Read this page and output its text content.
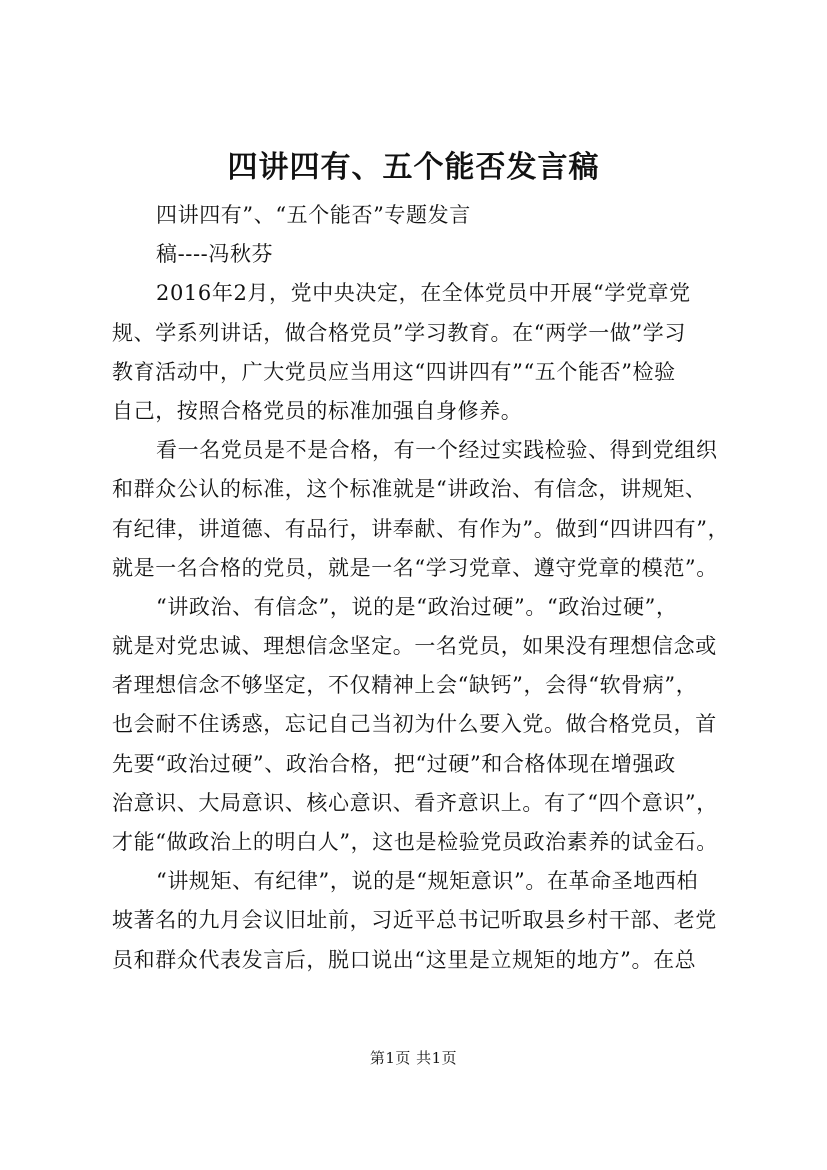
四讲四有、五个能否发言稿
四讲四有”、“五个能否”专题发言
稿----冯秋芬
2016年2月，党中央决定，在全体党员中开展“学党章党
规、学系列讲话，做合格党员”学习教育。在“两学一做”学习
教育活动中，广大党员应当用这“四讲四有”“五个能否”检验
自己，按照合格党员的标准加强自身修养。
看一名党员是不是合格，有一个经过实践检验、得到党组织
和群众公认的标准，这个标准就是“讲政治、有信念，讲规矩、
有纪律，讲道德、有品行，讲奉献、有作为”。做到“四讲四有”，
就是一名合格的党员，就是一名“学习党章、遵守党章的模范”。
“讲政治、有信念”，说的是“政治过硬”。“政治过硬”，
就是对党忠诚、理想信念坚定。一名党员，如果没有理想信念或
者理想信念不够坚定，不仅精神上会“缺钙”，会得“软骨病”，
也会耐不住诱惑，忘记自己当初为什么要入党。做合格党员，首
先要“政治过硬”、政治合格，把“过硬”和合格体现在增强政
治意识、大局意识、核心意识、看齐意识上。有了“四个意识”，
才能“做政治上的明白人”，这也是检验党员政治素养的试金石。
“讲规矩、有纪律”，说的是“规矩意识”。在革命圣地西柏
坡著名的九月会议旧址前，习近平总书记听取县乡村干部、老党
员和群众代表发言后，脱口说出“这里是立规矩的地方”。在总
第1页 共1页
